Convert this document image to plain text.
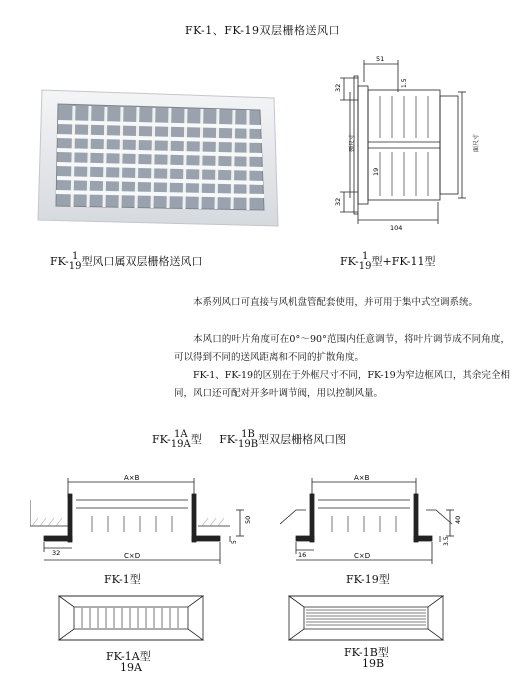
FK-1、FK-19双层栅格送风口
FK- 1
19 型风口属双层栅格送风口
51
32	1.5
19
32
104
颈尺寸	面尺寸
FK- 1
19 型+FK-11型
本系列风口可直接与风机盘管配套使用，并可用于集中式空调系统。
本风口的叶片角度可在0°～90°范围内任意调节，将叶片调节成不同角度，可以得到不同的送风距离和不同的扩散角度。
FK-1、FK-19的区别在于外框尺寸不同，FK-19为窄边框风口，其余完全相同，风口还可配对开多叶调节阀，用以控制风量。
FK- 1A
19A 型 FK- 1B
19B 型双层栅格风口图
A×B
C×D
32
50
5
FK-1型
A×B
C×D
16
40
3.5
FK-19型
FK-1A型
19A
FK-1B型
19B
